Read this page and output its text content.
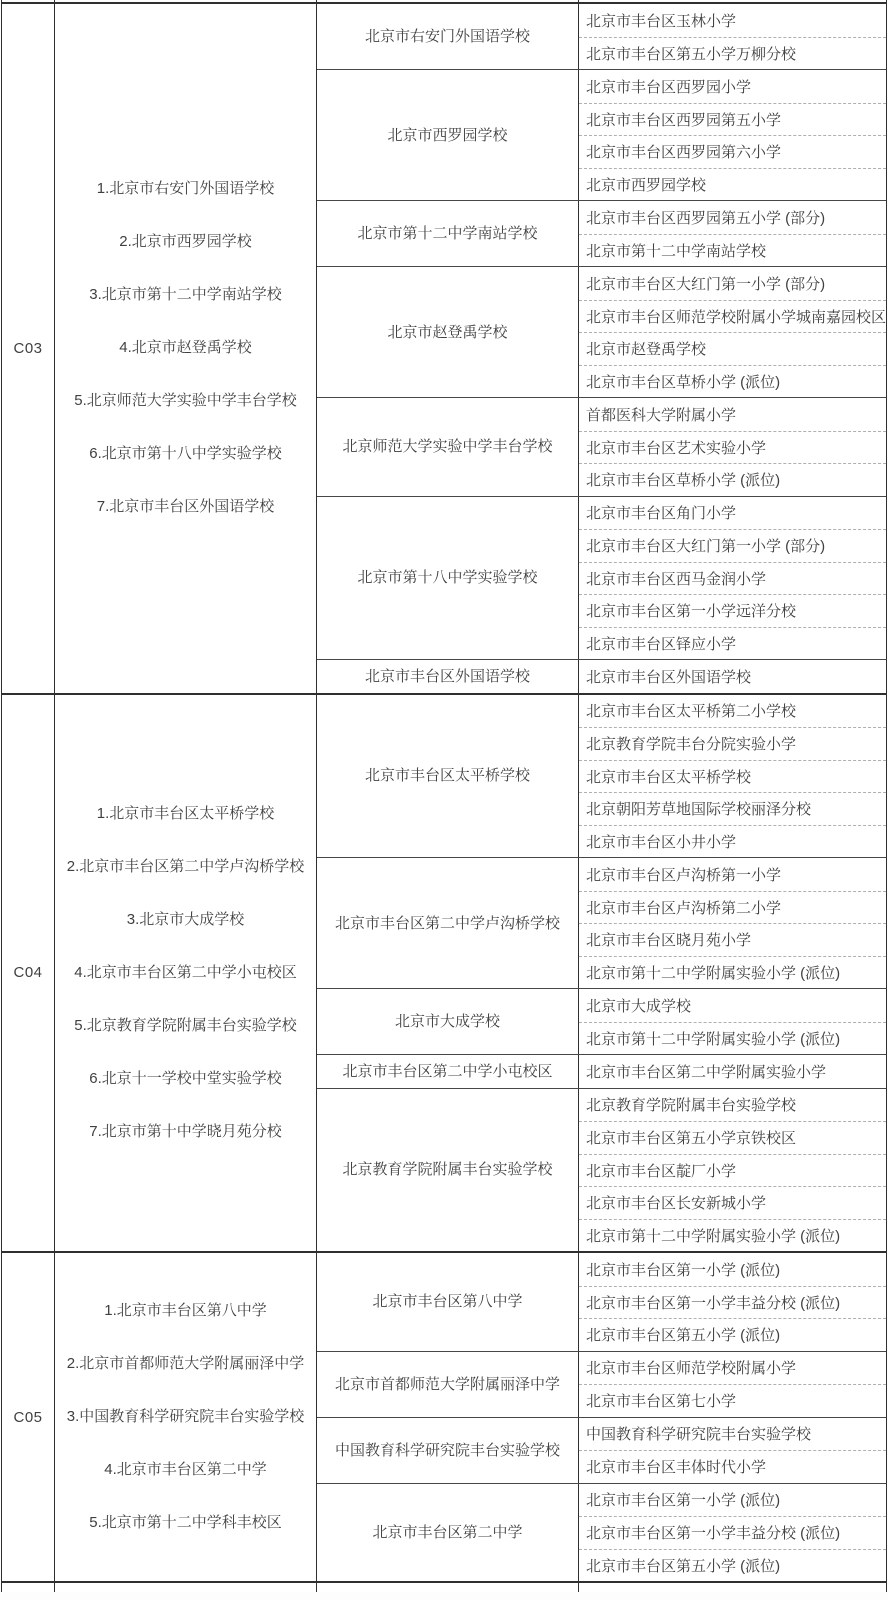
C03
1.北京市右安门外国语学校
2.北京市西罗园学校
3.北京市第十二中学南站学校
4.北京市赵登禹学校
5.北京师范大学实验中学丰台学校
6.北京市第十八中学实验学校
7.北京市丰台区外国语学校
北京市右安门外国语学校
北京市丰台区玉林小学
北京市丰台区第五小学万柳分校
北京市西罗园学校
北京市丰台区西罗园小学
北京市丰台区西罗园第五小学
北京市丰台区西罗园第六小学
北京市西罗园学校
北京市第十二中学南站学校
北京市丰台区西罗园第五小学 (部分)
北京市第十二中学南站学校
北京市赵登禹学校
北京市丰台区大红门第一小学 (部分)
北京市丰台区师范学校附属小学城南嘉园校区
北京市赵登禹学校
北京市丰台区草桥小学 (派位)
北京师范大学实验中学丰台学校
首都医科大学附属小学
北京市丰台区艺术实验小学
北京市丰台区草桥小学 (派位)
北京市第十八中学实验学校
北京市丰台区角门小学
北京市丰台区大红门第一小学 (部分)
北京市丰台区西马金润小学
北京市丰台区第一小学远洋分校
北京市丰台区铎应小学
北京市丰台区外国语学校	北京市丰台区外国语学校
C04
1.北京市丰台区太平桥学校
2.北京市丰台区第二中学卢沟桥学校
3.北京市大成学校
4.北京市丰台区第二中学小屯校区
5.北京教育学院附属丰台实验学校
6.北京十一学校中堂实验学校
7.北京市第十中学晓月苑分校
北京市丰台区太平桥学校
北京市丰台区太平桥第二小学校
北京教育学院丰台分院实验小学
北京市丰台区太平桥学校
北京朝阳芳草地国际学校丽泽分校
北京市丰台区小井小学
北京市丰台区第二中学卢沟桥学校
北京市丰台区卢沟桥第一小学
北京市丰台区卢沟桥第二小学
北京市丰台区晓月苑小学
北京市第十二中学附属实验小学 (派位)
北京市大成学校
北京市大成学校
北京市第十二中学附属实验小学 (派位)
北京市丰台区第二中学小屯校区	北京市丰台区第二中学附属实验小学
北京教育学院附属丰台实验学校
北京教育学院附属丰台实验学校
北京市丰台区第五小学京铁校区
北京市丰台区靛厂小学
北京市丰台区长安新城小学
北京市第十二中学附属实验小学 (派位)
C05
1.北京市丰台区第八中学
2.北京市首都师范大学附属丽泽中学
3.中国教育科学研究院丰台实验学校
4.北京市丰台区第二中学
5.北京市第十二中学科丰校区
北京市丰台区第八中学
北京市丰台区第一小学 (派位)
北京市丰台区第一小学丰益分校 (派位)
北京市丰台区第五小学 (派位)
北京市首都师范大学附属丽泽中学
北京市丰台区师范学校附属小学
北京市丰台区第七小学
中国教育科学研究院丰台实验学校
中国教育科学研究院丰台实验学校
北京市丰台区丰体时代小学
北京市丰台区第二中学
北京市丰台区第一小学 (派位)
北京市丰台区第一小学丰益分校 (派位)
北京市丰台区第五小学 (派位)
